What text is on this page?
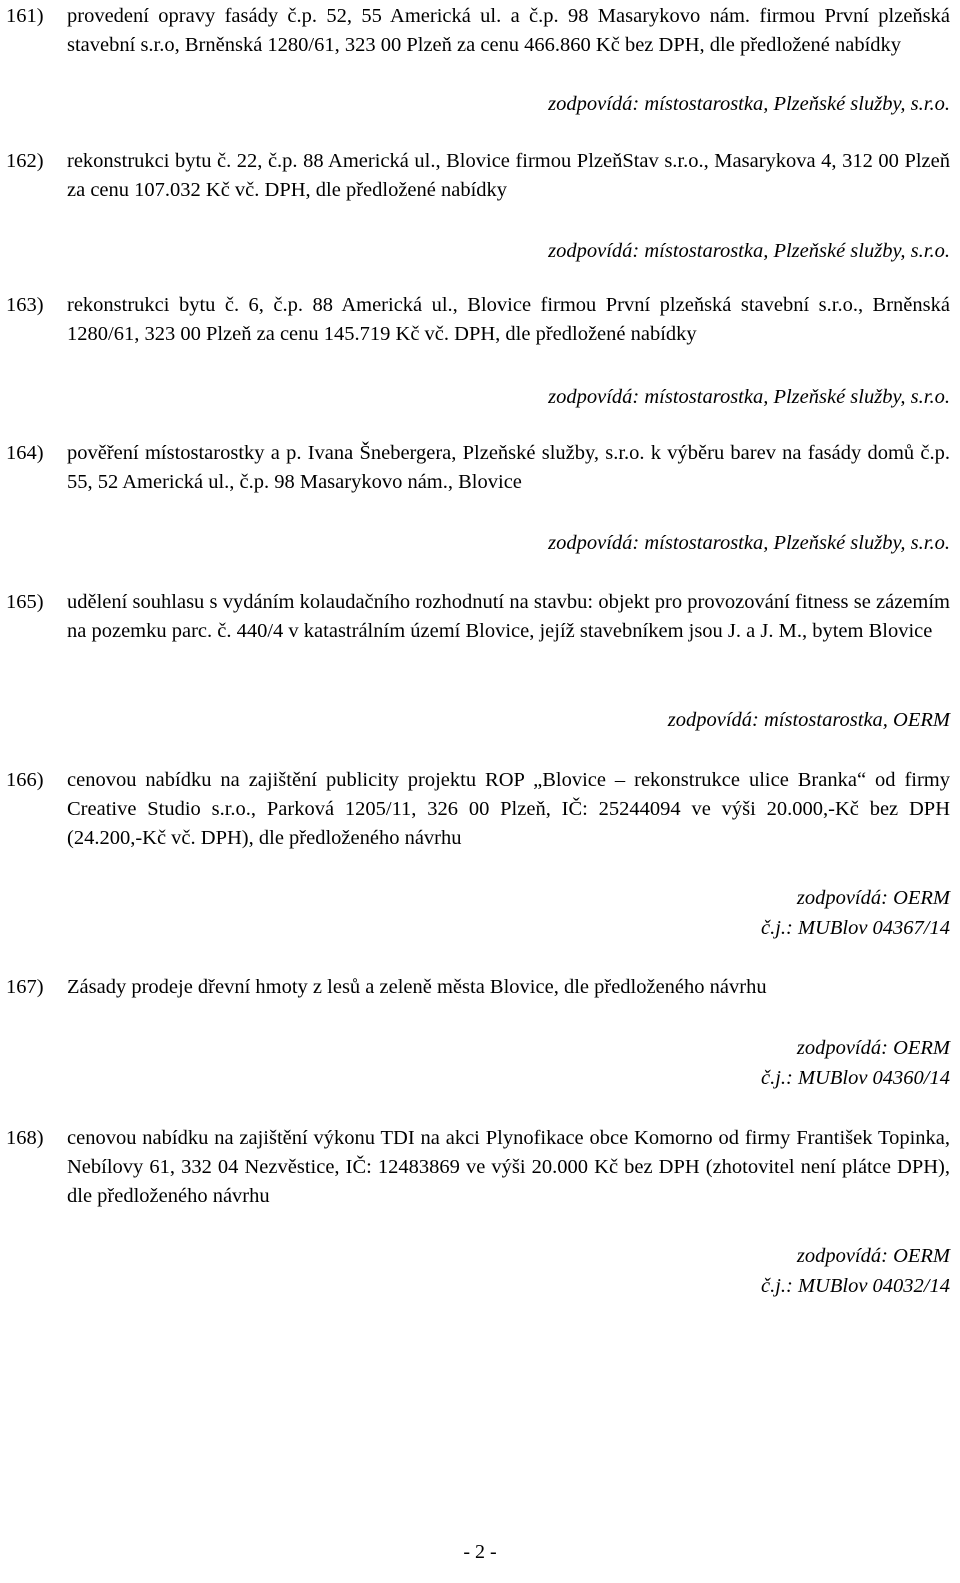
161) provedení opravy fasády č.p. 52, 55 Americká ul. a č.p. 98 Masarykovo nám. firmou První plzeňská stavební s.r.o, Brněnská 1280/61, 323 00 Plzeň za cenu 466.860 Kč bez DPH, dle předložené nabídky
zodpovídá: místostarostka, Plzeňské služby, s.r.o.
162) rekonstrukci bytu č. 22, č.p. 88 Americká ul., Blovice firmou PlzeňStav s.r.o., Masarykova 4, 312 00 Plzeň za cenu 107.032 Kč vč. DPH, dle předložené nabídky
zodpovídá: místostarostka, Plzeňské služby, s.r.o.
163) rekonstrukci bytu č. 6, č.p. 88 Americká ul., Blovice firmou První plzeňská stavební s.r.o., Brněnská 1280/61, 323 00 Plzeň za cenu 145.719 Kč vč. DPH, dle předložené nabídky
zodpovídá: místostarostka, Plzeňské služby, s.r.o.
164) pověření místostarostky a p. Ivana Šnebergera, Plzeňské služby, s.r.o. k výběru barev na fasády domů č.p. 55, 52 Americká ul., č.p. 98 Masarykovo nám., Blovice
zodpovídá: místostarostka, Plzeňské služby, s.r.o.
165) udělení souhlasu s vydáním kolaudačního rozhodnutí na stavbu: objekt pro provozování fitness se zázemím na pozemku parc. č. 440/4 v katastrálním území Blovice, jejíž stavebníkem jsou J. a J. M., bytem Blovice
zodpovídá: místostarostka, OERM
166) cenovou nabídku na zajištění publicity projektu ROP „Blovice – rekonstrukce ulice Branka“ od firmy Creative Studio s.r.o., Parková 1205/11, 326 00 Plzeň, IČ: 25244094 ve výši 20.000,-Kč bez DPH (24.200,-Kč vč. DPH), dle předloženého návrhu
zodpovídá: OERM
č.j.: MUBlov 04367/14
167) Zásady prodeje dřevní hmoty z lesů a zeleně města Blovice, dle předloženého návrhu
zodpovídá: OERM
č.j.: MUBlov 04360/14
168) cenovou nabídku na zajištění výkonu TDI na akci Plynofikace obce Komorno od firmy František Topinka, Nebílovy 61, 332 04 Nezvěstice, IČ: 12483869 ve výši 20.000 Kč bez DPH (zhotovitel není plátce DPH), dle předloženého návrhu
zodpovídá: OERM
č.j.: MUBlov 04032/14
- 2 -
